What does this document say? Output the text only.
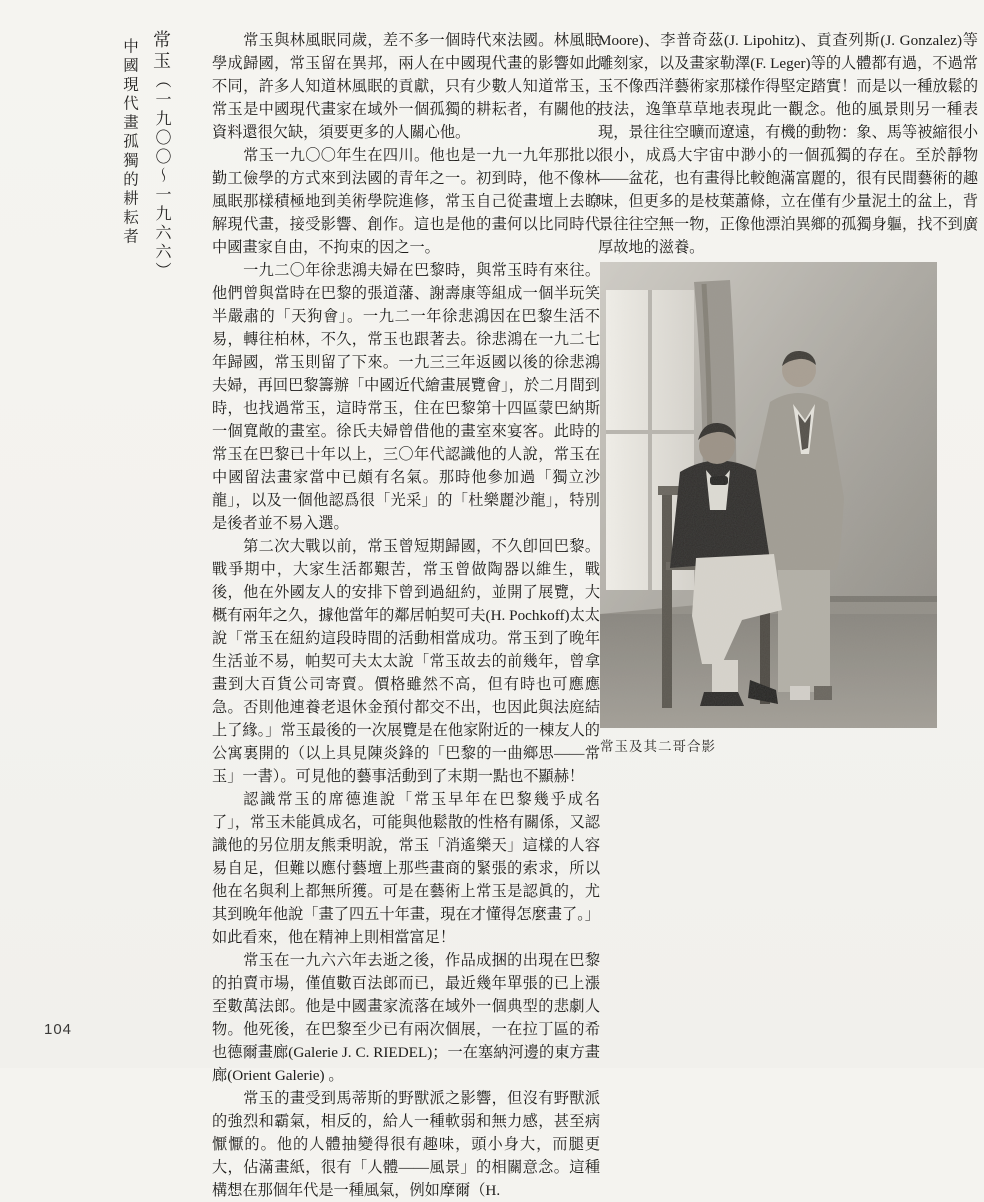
常玉（一九〇〇～一九六六）
中國現代畫孤獨的耕耘者	常玉與林風眠同歲，差不多一個時代來法國。林風眠學成歸國，常玉留在異邦，兩人在中國現代畫的影響如此不同，許多人知道林風眠的貢獻，只有少數人知道常玉，常玉是中國現代畫家在域外一個孤獨的耕耘者，有關他的資料還很欠缺，須要更多的人關心他。

常玉一九〇〇年生在四川。他也是一九一九年那批以勤工儉學的方式來到法國的青年之一。初到時，他不像林風眠那樣積極地到美術學院進修，常玉自己從畫壇上去瞭解現代畫，接受影響、創作。這也是他的畫何以比同時代中國畫家自由，不拘束的因之一。

一九二〇年徐悲鴻夫婦在巴黎時，與常玉時有來往。他們曾與當時在巴黎的張道藩、謝壽康等組成一個半玩笑半嚴肅的「天狗會」。一九二一年徐悲鴻因在巴黎生活不易，轉往柏林，不久，常玉也跟著去。徐悲鴻在一九二七年歸國，常玉則留了下來。一九三三年返國以後的徐悲鴻夫婦，再回巴黎籌辦「中國近代繪畫展覽會」，於二月間到時，也找過常玉，這時常玉，住在巴黎第十四區蒙巴納斯一個寬敞的畫室。徐氏夫婦曾借他的畫室來宴客。此時的常玉在巴黎已十年以上，三〇年代認識他的人說，常玉在中國留法畫家當中已頗有名氣。那時他參加過「獨立沙龍」，以及一個他認爲很「光采」的「杜樂麗沙龍」，特別是後者並不易入選。

第二次大戰以前，常玉曾短期歸國，不久卽回巴黎。戰爭期中，大家生活都艱苦，常玉曾做陶器以維生，戰後，他在外國友人的安排下曾到過紐約，並開了展覽，大概有兩年之久，據他當年的鄰居帕契可夫(H. Pochkoff)太太說「常玉在紐約這段時間的活動相當成功。常玉到了晚年生活並不易，帕契可夫太太說「常玉故去的前幾年，曾拿畫到大百貨公司寄賣。價格雖然不高，但有時也可應應急。否則他連養老退休金預付都交不出，也因此與法庭結上了緣。」常玉最後的一次展覽是在他家附近的一棟友人的公寓裏開的（以上具見陳炎鋒的「巴黎的一曲鄉思——常玉」一書）。可見他的藝事活動到了末期一點也不顯赫！

認識常玉的席德進說「常玉早年在巴黎幾乎成名了」，常玉未能眞成名，可能與他鬆散的性格有關係，又認識他的另位朋友熊秉明說，常玉「消遙樂天」這樣的人容易自足，但難以應付藝壇上那些畫商的緊張的索求，所以他在名與利上都無所獲。可是在藝術上常玉是認眞的，尤其到晚年他說「畫了四五十年畫，現在才懂得怎麼畫了。」如此看來，他在精神上則相當富足！

常玉在一九六六年去逝之後，作品成捆的出現在巴黎的拍賣市場，僅值數百法郎而已，最近幾年單張的已上漲至數萬法郎。他是中國畫家流落在域外一個典型的悲劇人物。他死後，在巴黎至少已有兩次個展，一在拉丁區的希也德爾畫廊(Galerie J. C. RIEDEL)；一在塞納河邊的東方畫廊(Orient Galerie) 。

常玉的畫受到馬蒂斯的野獸派之影響，但沒有野獸派的強烈和霸氣，相反的，給人一種軟弱和無力感，甚至病懨懨的。他的人體抽變得很有趣味，頭小身大，而腿更大，佔滿畫紙，很有「人體——風景」的相關意念。這種構想在那個年代是一種風氣，例如摩爾（H.

Moore)、李普奇茲(J. Lipohitz)、貢查列斯(J. Gonzalez)等雕刻家，以及畫家勒澤(F. Leger)等的人體都有過，不過常玉不像西洋藝術家那樣作得堅定踏實！而是以一種放鬆的技法，逸筆草草地表現此一觀念。他的風景則另一種表現，景往往空曠而遼遠，有機的動物：象、馬等被縮很小很小，成爲大宇宙中渺小的一個孤獨的存在。至於靜物——盆花，也有畫得比較飽滿富麗的，很有民間藝術的趣味，但更多的是枝葉蕭條，立在僅有少量泥土的盆上，背景往往空無一物，正像他漂泊異鄉的孤獨身軀，找不到廣厚故地的滋養。

常玉及其二哥合影
104
